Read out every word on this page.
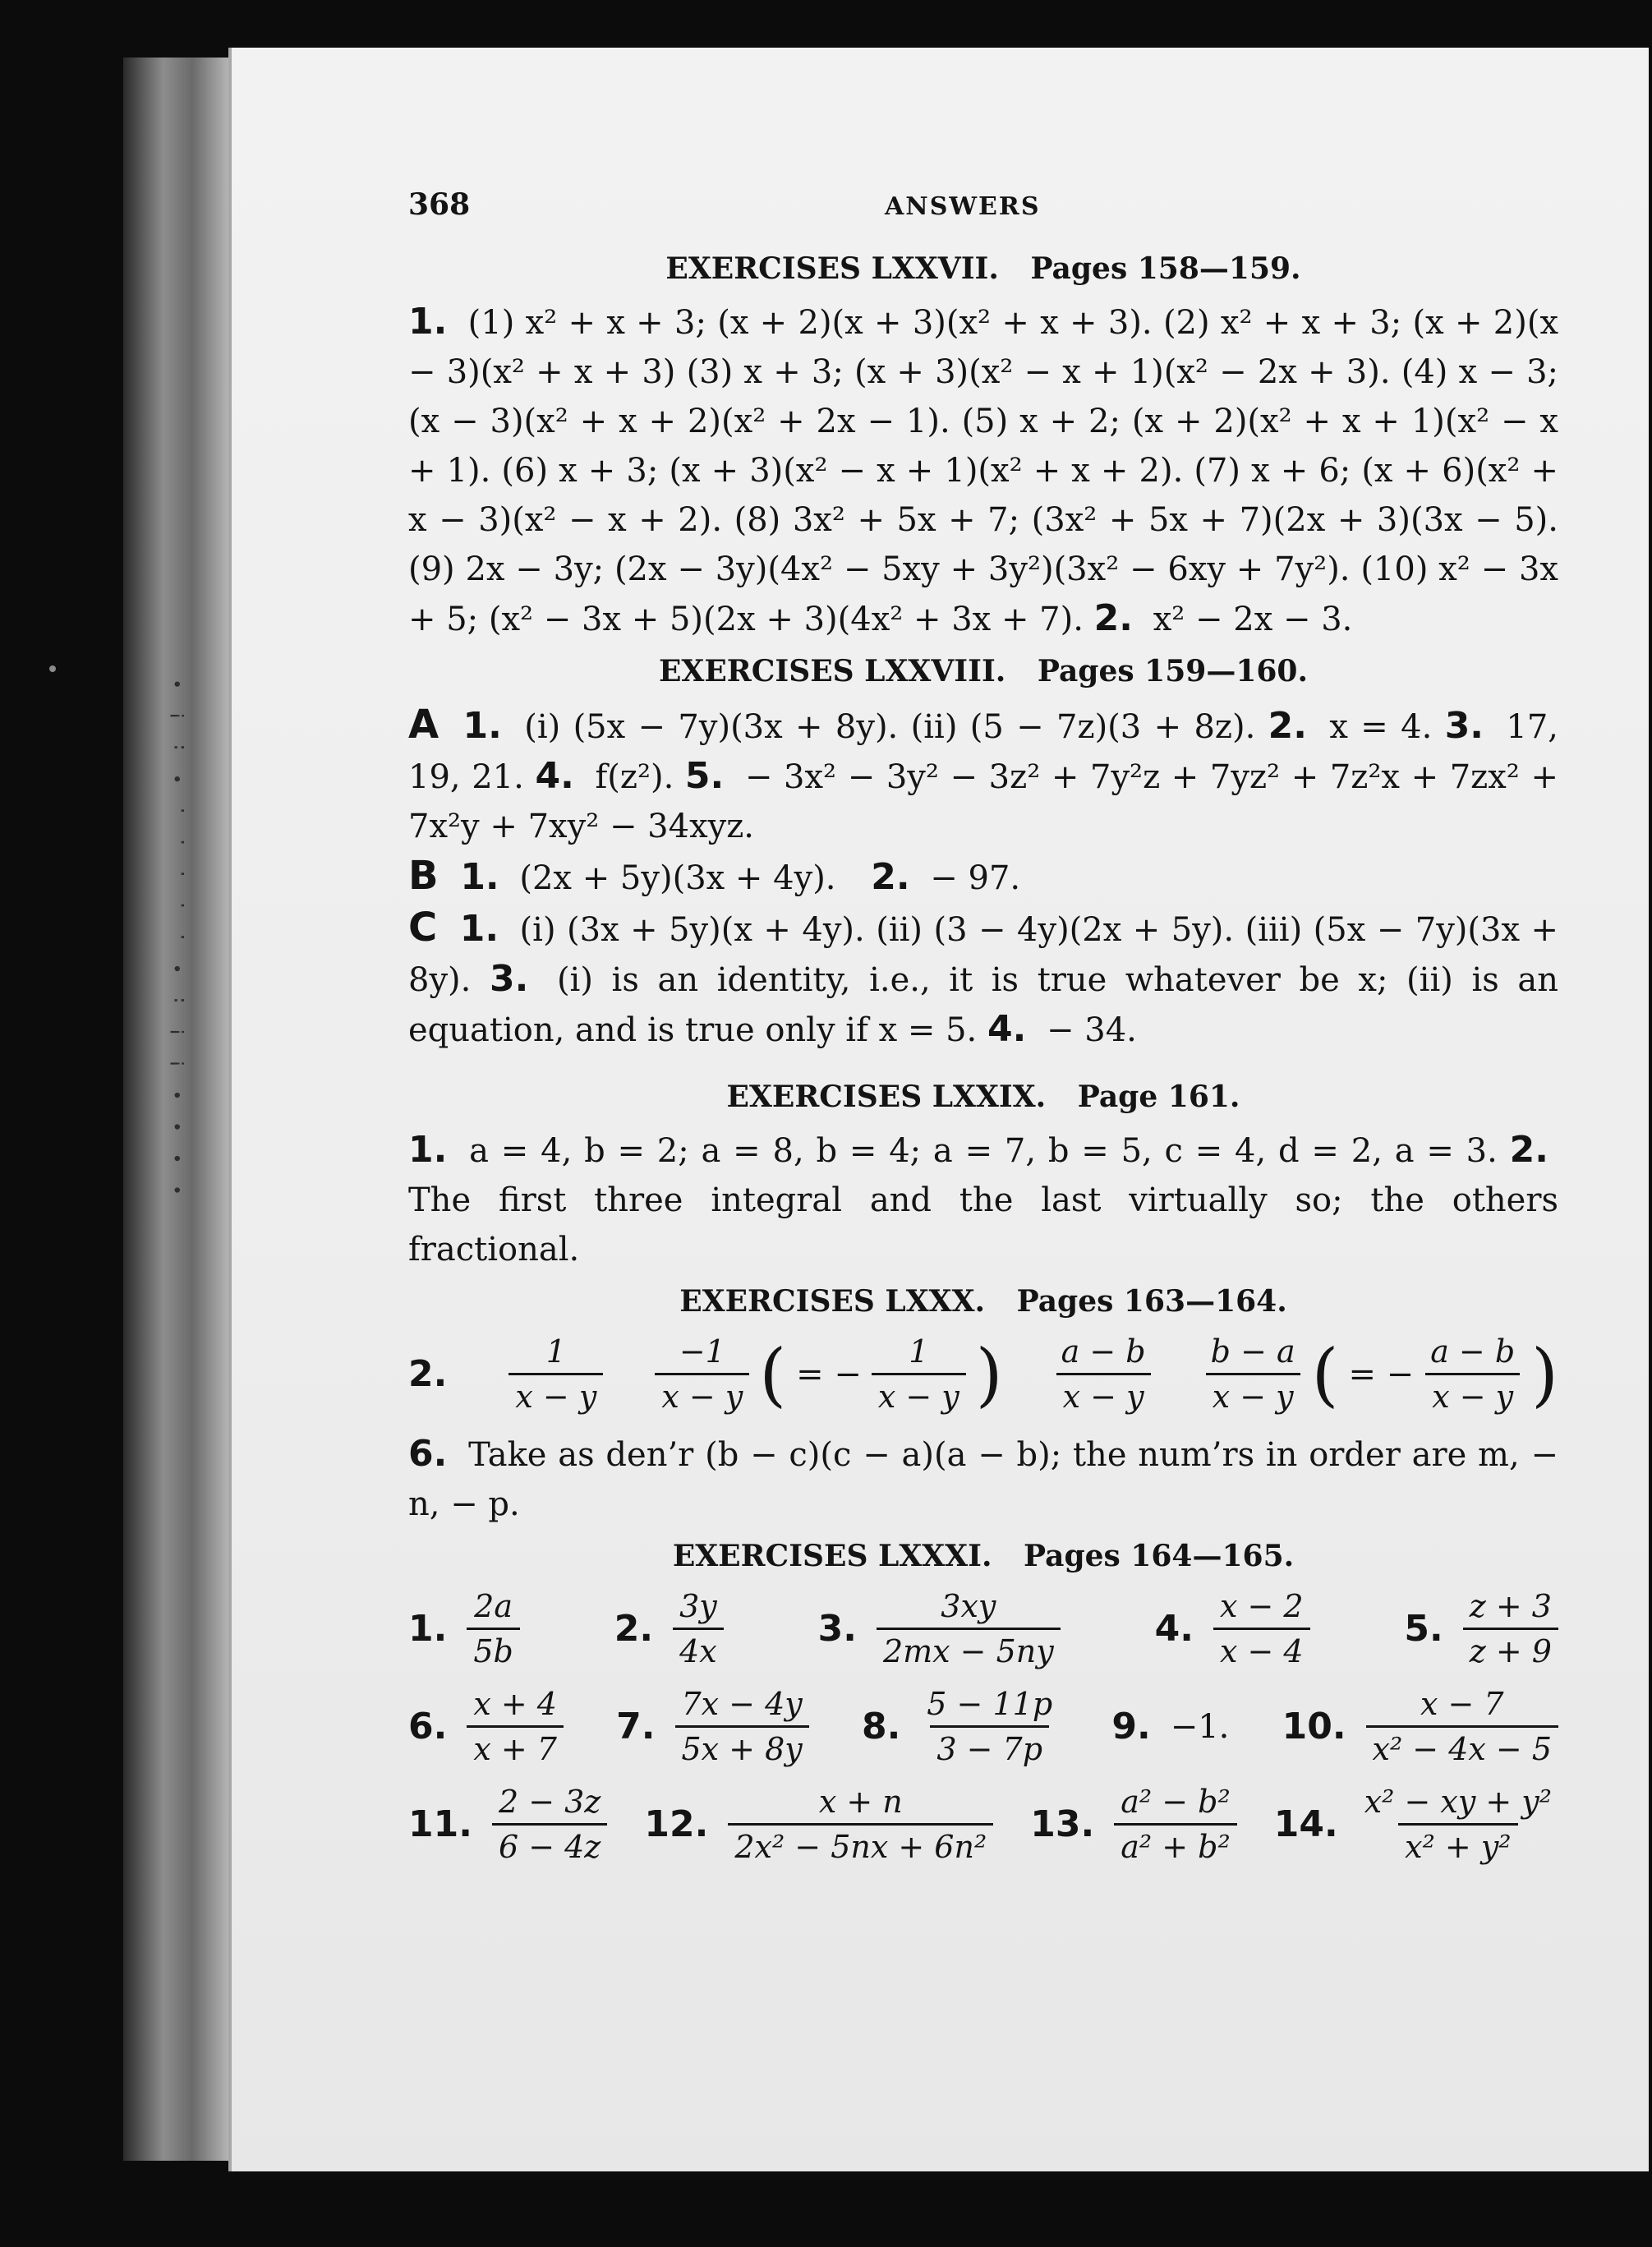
• • • • ! ! : • . . . . . • : ! •
368	ANSWERS
EXERCISES LXXVII. Pages 158—159.

1. (1) x² + x + 3; (x + 2)(x + 3)(x² + x + 3). (2) x² + x + 3; (x + 2)(x − 3)(x² + x + 3) (3) x + 3; (x + 3)(x² − x + 1)(x² − 2x + 3). (4) x − 3; (x − 3)(x² + x + 2)(x² + 2x − 1). (5) x + 2; (x + 2)(x² + x + 1)(x² − x + 1). (6) x + 3; (x + 3)(x² − x + 1)(x² + x + 2). (7) x + 6; (x + 6)(x² + x − 3)(x² − x + 2). (8) 3x² + 5x + 7; (3x² + 5x + 7)(2x + 3)(3x − 5). (9) 2x − 3y; (2x − 3y)(4x² − 5xy + 3y²)(3x² − 6xy + 7y²). (10) x² − 3x + 5; (x² − 3x + 5)(2x + 3)(4x² + 3x + 7). 2. x² − 2x − 3.

EXERCISES LXXVIII. Pages 159—160.

A 1. (i) (5x − 7y)(3x + 8y). (ii) (5 − 7z)(3 + 8z). 2. x = 4. 3. 17, 19, 21. 4. f(z²). 5. − 3x² − 3y² − 3z² + 7y²z + 7yz² + 7z²x + 7zx² + 7x²y + 7xy² − 34xyz.

B 1. (2x + 5y)(3x + 4y). 2. − 97.

C 1. (i) (3x + 5y)(x + 4y). (ii) (3 − 4y)(2x + 5y). (iii) (5x − 7y)(3x + 8y). 3. (i) is an identity, i.e., it is true whatever be x; (ii) is an equation, and is true only if x = 5. 4. − 34.

EXERCISES LXXIX. Page 161.

1. a = 4, b = 2; a = 8, b = 4; a = 7, b = 5, c = 4, d = 2, a = 3. 2. The first three integral and the last virtually so; the others fractional.

EXERCISES LXXX. Pages 163—164.
2. $\frac{1}{x - y} \frac{-1}{x - y}$ ( = − $\frac{1}{x - y}$ ) $\frac{a - b}{x - y} \frac{b - a}{x - y}$ ( = − $\frac{a - b}{x - y}$ )

6. Take as den’r (b − c)(c − a)(a − b); the num’rs in order are m, − n, − p.

EXERCISES LXXXI. Pages 164—165.
1. $\frac{2a}{5b}$	2. $\frac{3y}{4x}$	3. $\frac{3xy}{2mx - 5ny}$	4. $\frac{x - 2}{x - 4}$	5. $\frac{z + 3}{z + 9}$
6. $\frac{x + 4}{x + 7} 7$. $\frac{7x - 4y}{5x + 8y} 8$. $\frac{5 - 11p}{3 - 7p} 9$. −1. 10. $\frac{x - 7}{\text{x² − 4x − 5}}$
11. $\frac{2 - 3z}{6 - 4z} 12$. $\frac{x + n}{\text{2x² − 5nx + 6n²}} 13$. $\frac{\text{a² − b²}}{\text{a² + b²}} 14$. $\frac{\text{x² − xy + y²}}{\text{x² + y²}}$
